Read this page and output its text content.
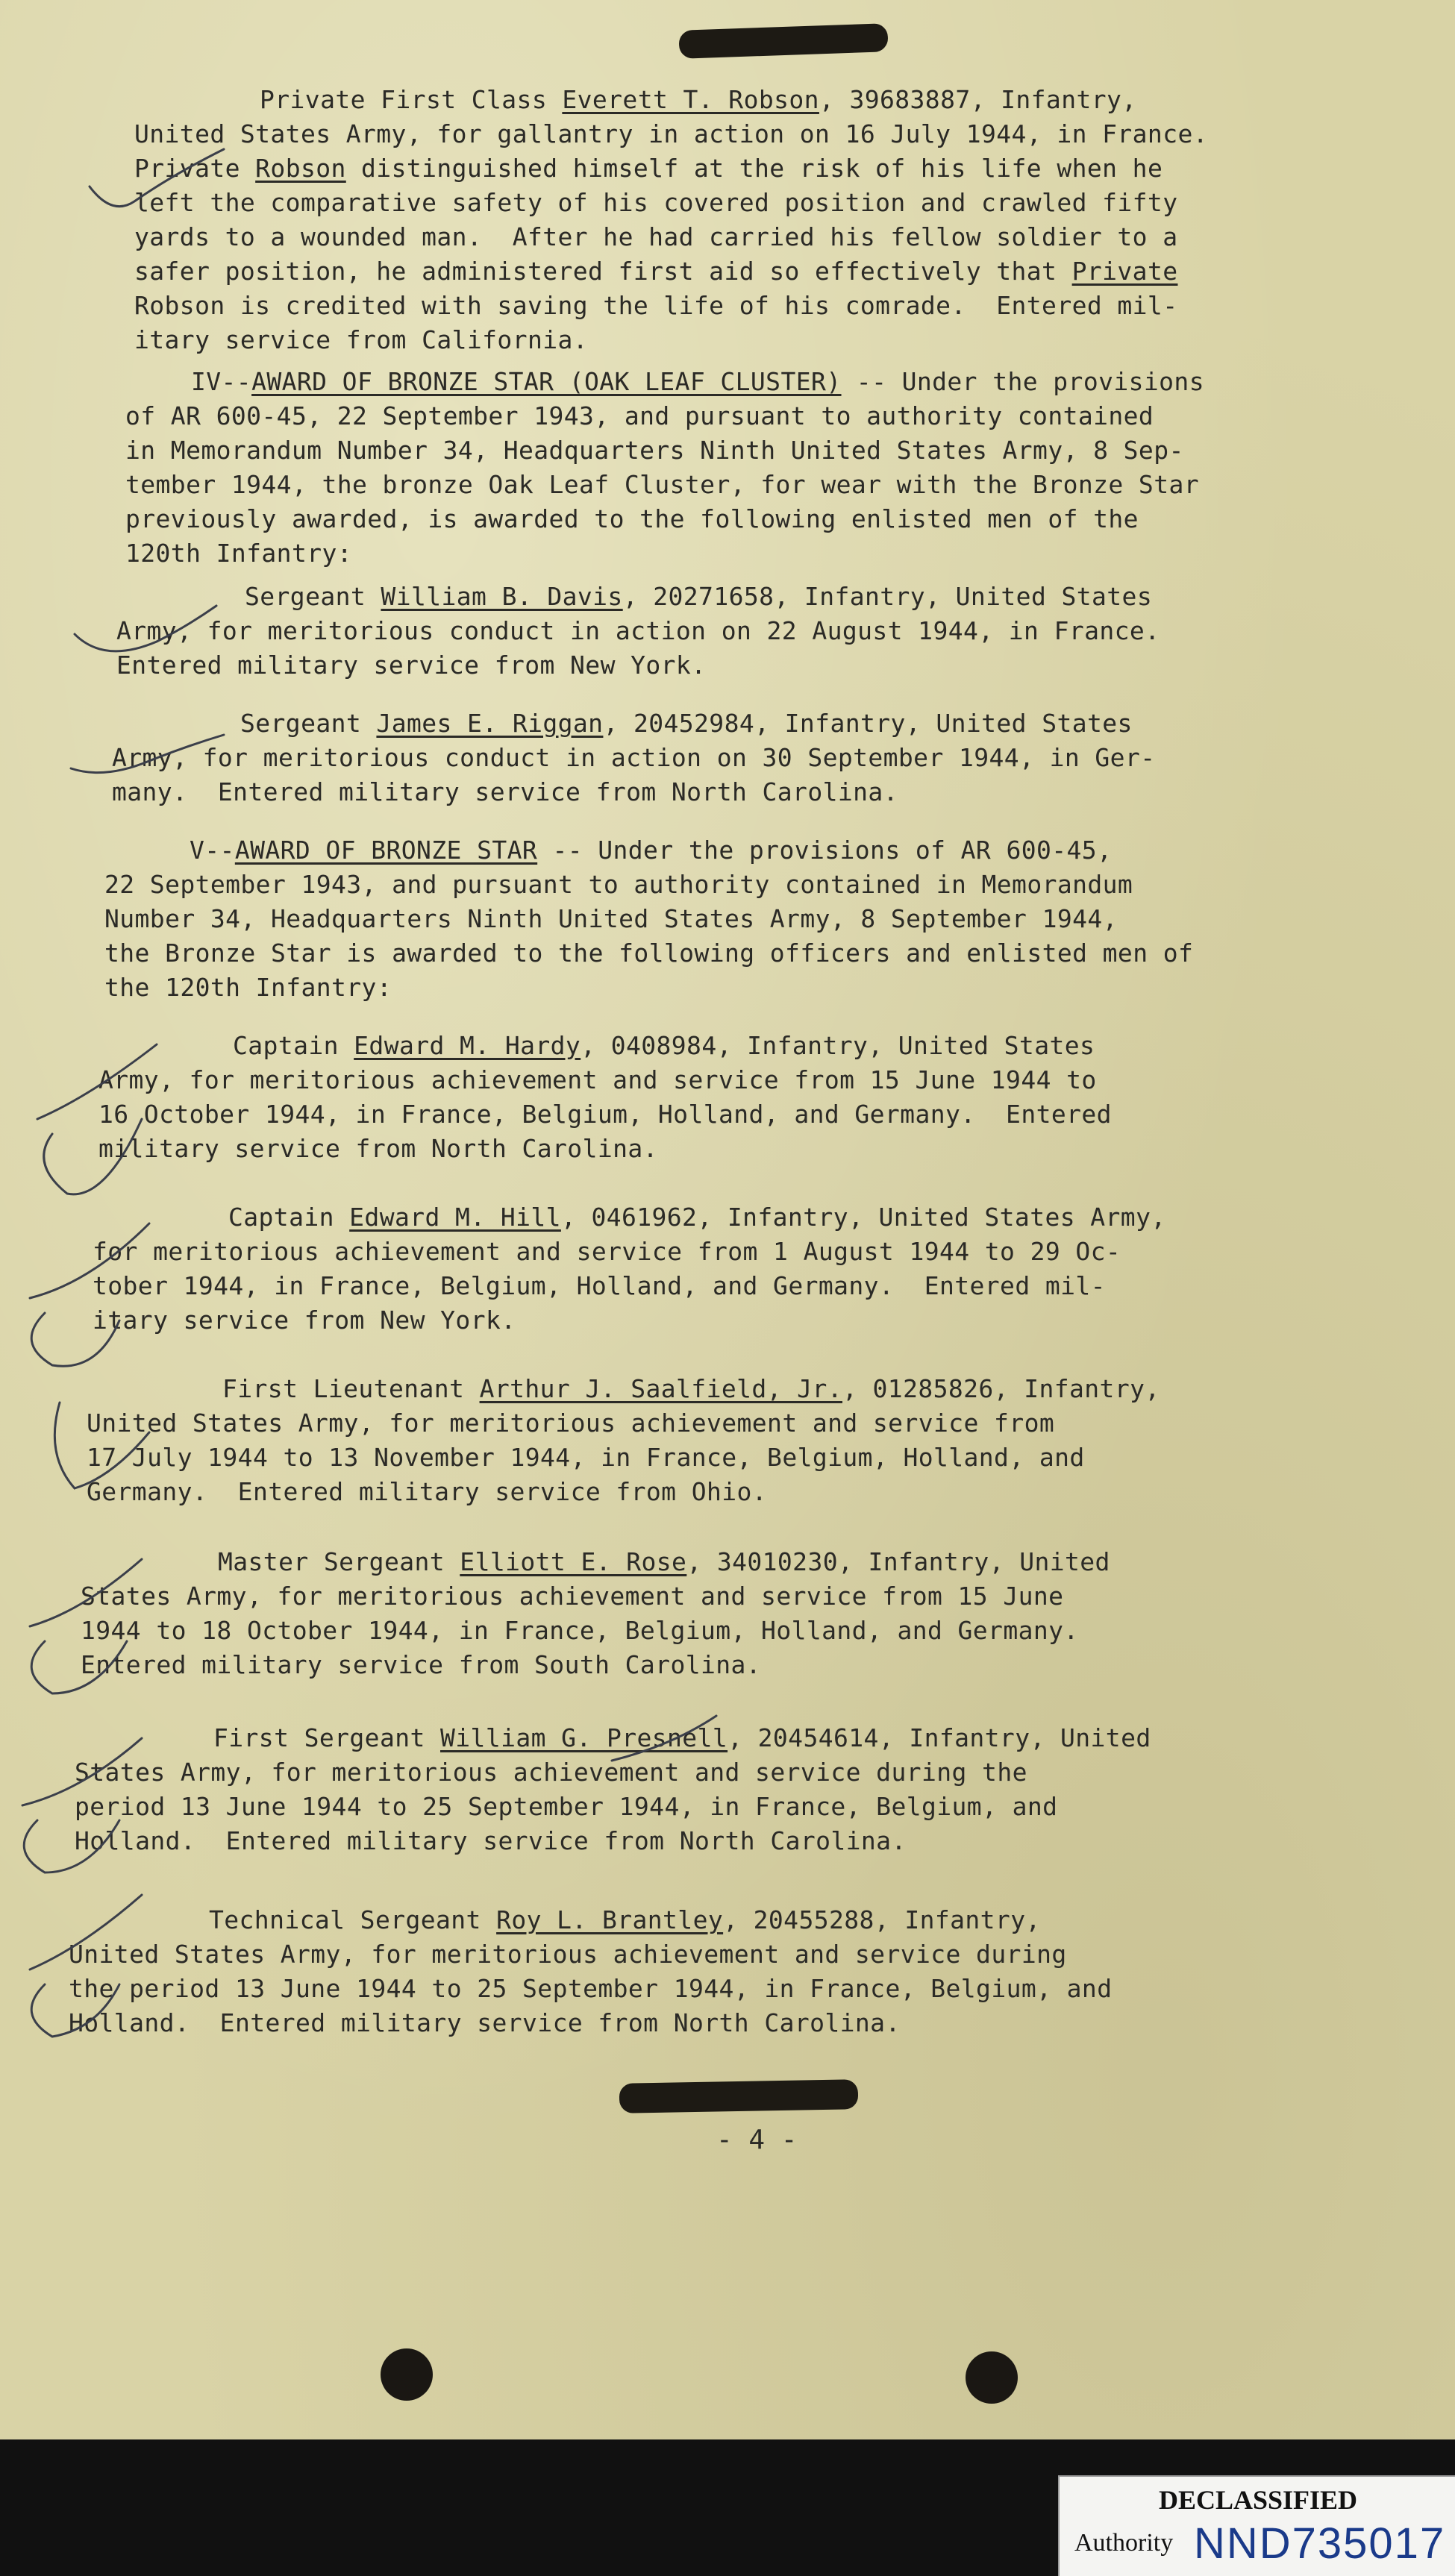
Private First Class Everett T. Robson, 39683887, Infantry,
United States Army, for gallantry in action on 16 July 1944, in France.
Private Robson distinguished himself at the risk of his life when he
left the comparative safety of his covered position and crawled fifty
yards to a wounded man.  After he had carried his fellow soldier to a
safer position, he administered first aid so effectively that Private
Robson is credited with saving the life of his comrade.  Entered mil-
itary service from California.
IV--AWARD OF BRONZE STAR (OAK LEAF CLUSTER) -- Under the provisions
of AR 600-45, 22 September 1943, and pursuant to authority contained
in Memorandum Number 34, Headquarters Ninth United States Army, 8 Sep-
tember 1944, the bronze Oak Leaf Cluster, for wear with the Bronze Star
previously awarded, is awarded to the following enlisted men of the
120th Infantry:
Sergeant William B. Davis, 20271658, Infantry, United States
Army, for meritorious conduct in action on 22 August 1944, in France.
Entered military service from New York.
Sergeant James E. Riggan, 20452984, Infantry, United States
Army, for meritorious conduct in action on 30 September 1944, in Ger-
many.  Entered military service from North Carolina.
V--AWARD OF BRONZE STAR -- Under the provisions of AR 600-45,
22 September 1943, and pursuant to authority contained in Memorandum
Number 34, Headquarters Ninth United States Army, 8 September 1944,
the Bronze Star is awarded to the following officers and enlisted men of
the 120th Infantry:
Captain Edward M. Hardy, 0408984, Infantry, United States
Army, for meritorious achievement and service from 15 June 1944 to
16 October 1944, in France, Belgium, Holland, and Germany.  Entered
military service from North Carolina.
Captain Edward M. Hill, 0461962, Infantry, United States Army,
for meritorious achievement and service from 1 August 1944 to 29 Oc-
tober 1944, in France, Belgium, Holland, and Germany.  Entered mil-
itary service from New York.
First Lieutenant Arthur J. Saalfield, Jr., 01285826, Infantry,
United States Army, for meritorious achievement and service from
17 July 1944 to 13 November 1944, in France, Belgium, Holland, and
Germany.  Entered military service from Ohio.
Master Sergeant Elliott E. Rose, 34010230, Infantry, United
States Army, for meritorious achievement and service from 15 June
1944 to 18 October 1944, in France, Belgium, Holland, and Germany.
Entered military service from South Carolina.
First Sergeant William G. Presnell, 20454614, Infantry, United
States Army, for meritorious achievement and service during the
period 13 June 1944 to 25 September 1944, in France, Belgium, and
Holland.  Entered military service from North Carolina.
Technical Sergeant Roy L. Brantley, 20455288, Infantry,
United States Army, for meritorious achievement and service during
the period 13 June 1944 to 25 September 1944, in France, Belgium, and
Holland.  Entered military service from North Carolina.
- 4 -
DECLASSIFIED
Authority NND735017
